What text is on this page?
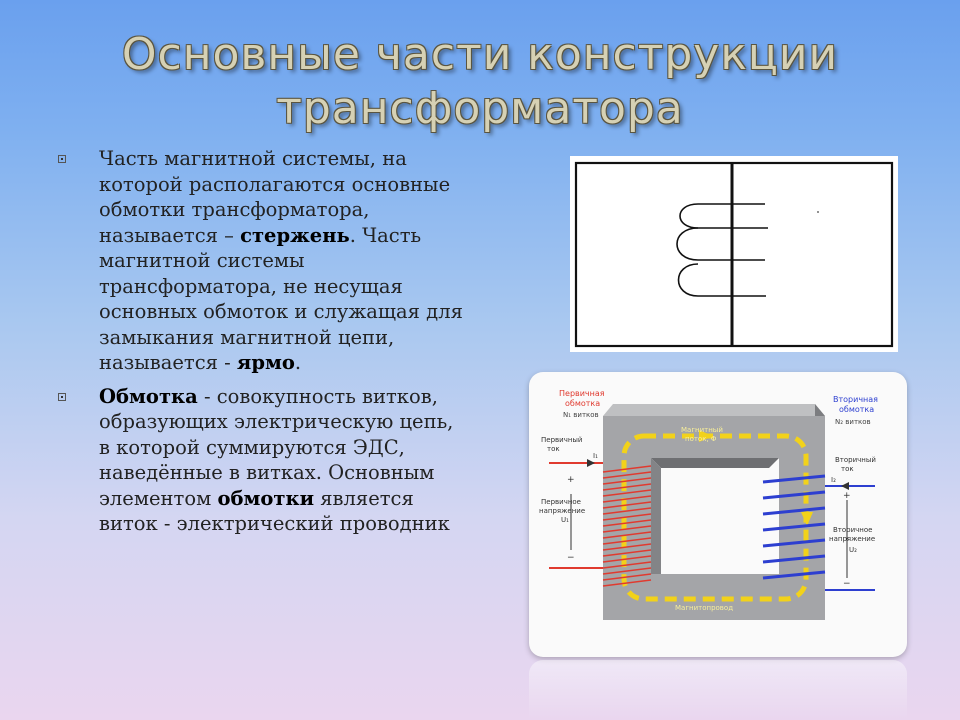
Основные части конструкции
трансформатора
Часть магнитной системы, на которой располагаются основные обмотки трансформатора, называется – стержень. Часть магнитной системы трансформатора, не несущая основных обмоток и служащая для замыкания магнитной цепи, называется - ярмо.
Обмотка - совокупность витков, образующих электрическую цепь, в которой суммируются ЭДС, наведённые в витках. Основным элементом обмотки является виток - электрический проводник
Первичная
обмотка
N₁ витков
Вторичная
обмотка
N₂ витков
Магнитный
поток, Φ
Первичный
ток
I₁	Вторичный
ток
I₂
Первичное
напряжение
U₁
+
−
Вторичное
напряжение
U₂
+
−
Магнитопровод
